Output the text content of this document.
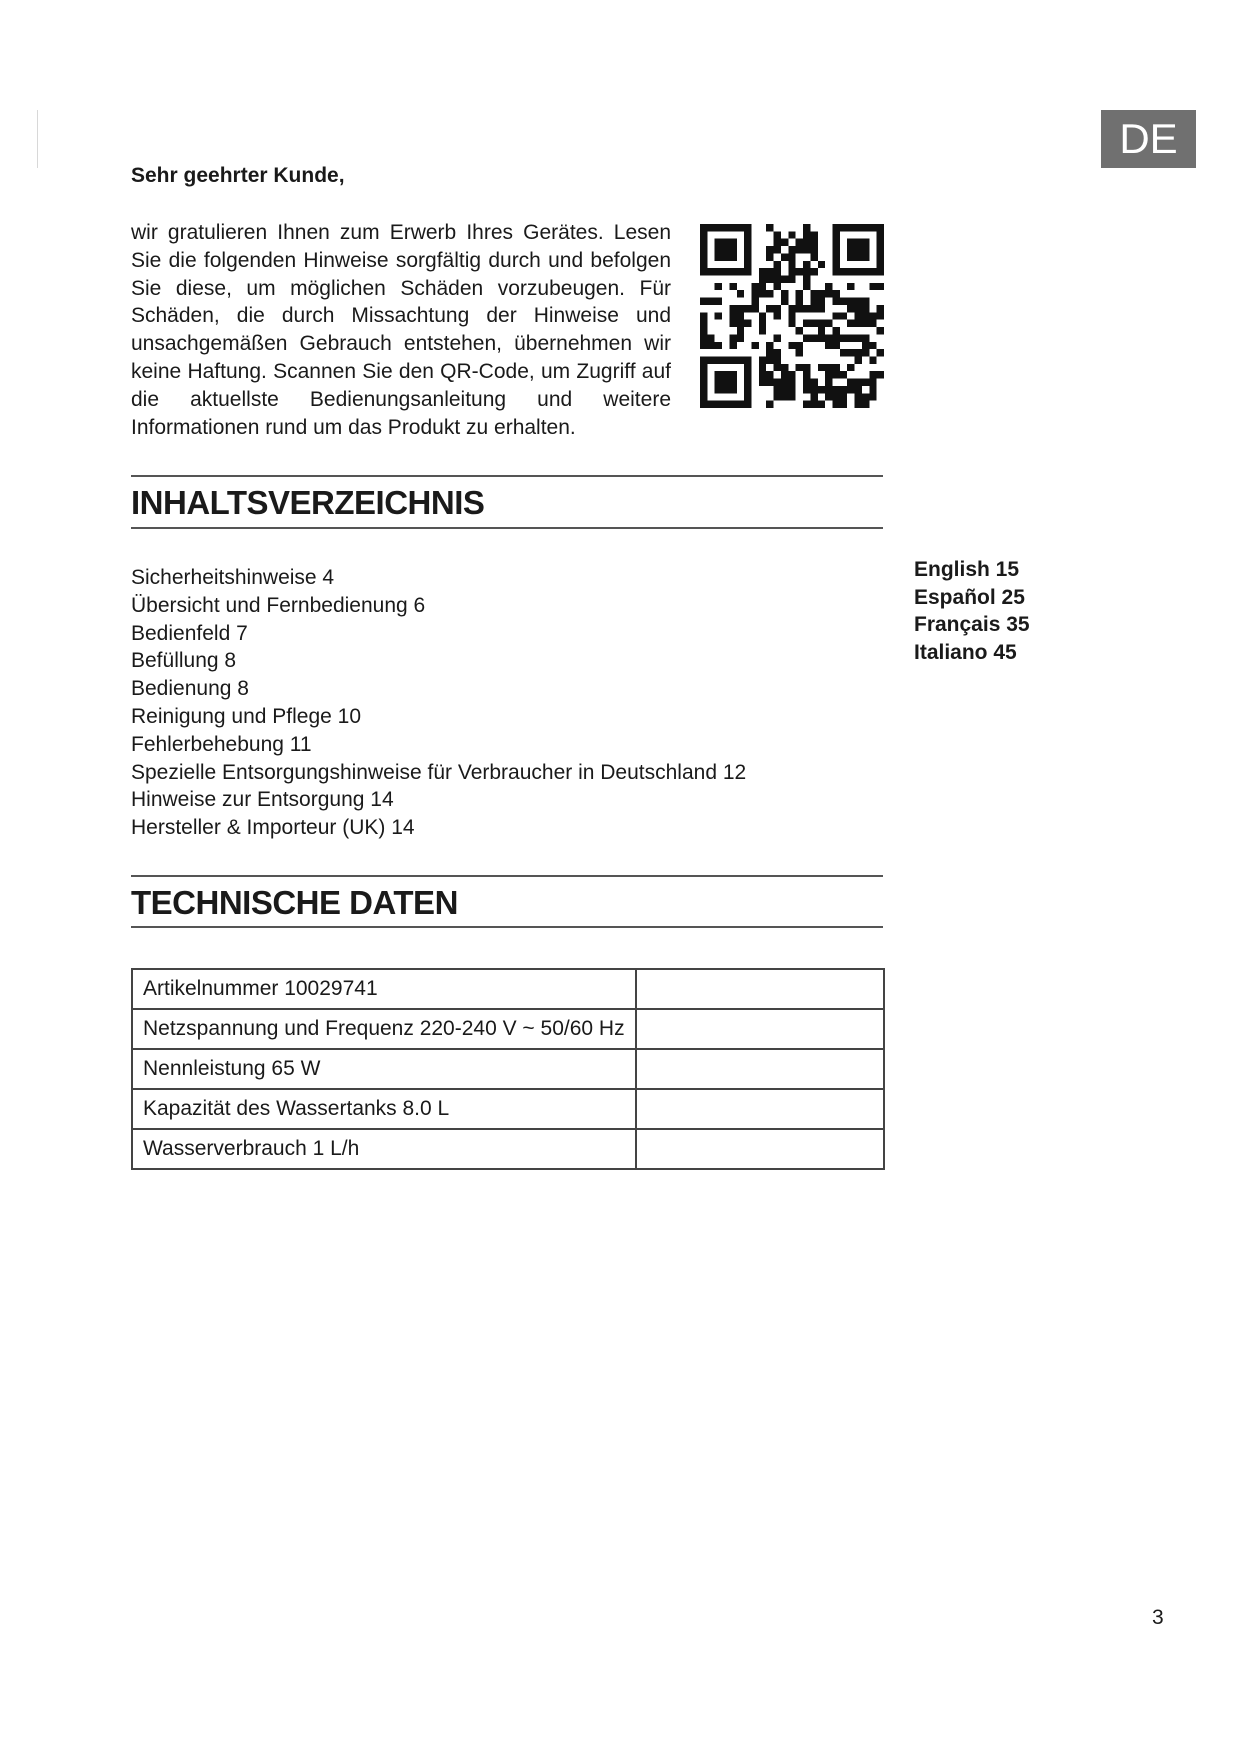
DE
Sehr geehrter Kunde,

wir gratulieren Ihnen zum Erwerb Ihres Gerätes. Lesen Sie die folgenden Hinweise sorgfältig durch und befolgen Sie diese, um möglichen Schäden vorzubeugen. Für Schäden, die durch Missachtung der Hinweise und unsachgemäßen Gebrauch entstehen, übernehmen wir keine Haftung. Scannen Sie den QR-Code, um Zugriff auf die aktuellste Bedienungsanleitung und weitere Informationen rund um das Produkt zu erhalten.

INHALTSVERZEICHNIS
Sicherheitshinweise 4
Übersicht und Fernbedienung 6
Bedienfeld 7
Befüllung 8
Bedienung 8
Reinigung und Pflege 10
Fehlerbehebung 11
Spezielle Entsorgungshinweise für Verbraucher in Deutschland 12
Hinweise zur Entsorgung 14
Hersteller & Importeur (UK) 14
English 15
Español 25
Français 35
Italiano 45
TECHNISCHE DATEN
Artikelnummer 10029741	
Netzspannung und Frequenz 220-240 V ~ 50/60 Hz	
Nennleistung 65 W	
Kapazität des Wassertanks 8.0 L	
Wasserverbrauch 1 L/h	
3
